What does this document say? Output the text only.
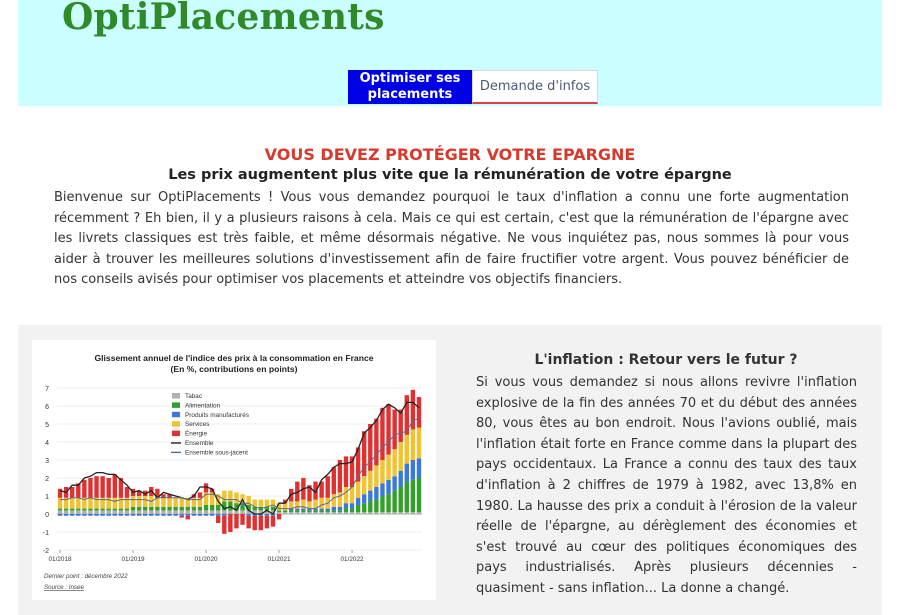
OptiPlacements
Optimiser ses placements
Demande d'infos
VOUS DEVEZ PROTÉGER VOTRE EPARGNE
Les prix augmentent plus vite que la rémunération de votre épargne

Bienvenue sur OptiPlacements ! Vous vous demandez pourquoi le taux d'inflation a connu une forte augmentation récemment ? Eh bien, il y a plusieurs raisons à cela. Mais ce qui est certain, c'est que la rémunération de l'épargne avec les livrets classiques est très faible, et même désormais négative. Ne vous inquiétez pas, nous sommes là pour vous aider à trouver les meilleures solutions d'investissement afin de faire fructifier votre argent. Vous pouvez bénéficier de nos conseils avisés pour optimiser vos placements et atteindre vos objectifs financiers.

Glissement annuel de l'indice des prix à la consommation en France
(En %, contributions en points)
7
6
5
4
3
2
1
0
-1
-2
01/2018	01/2019	01/2020	01/2021	01/2022
Tabac
Alimentation
Produits manufacturés
Services
Énergie
Ensemble
Ensemble sous-jacent
Dernier point : décembre 2022
Source : Insee
L'inflation : Retour vers le futur ?

Si vous vous demandez si nous allons revivre l'inflation explosive de la fin des années 70 et du début des années 80, vous êtes au bon endroit. Nous l'avions oublié, mais l'inflation était forte en France comme dans la plupart des pays occidentaux. La France a connu des taux des taux d'inflation à 2 chiffres de 1979 à 1982, avec 13,8% en 1980. La hausse des prix a conduit à l'érosion de la valeur réelle de l'épargne, au dérèglement des économies et s'est trouvé au cœur des politiques économiques des pays industrialisés. Après plusieurs décennies - quasiment - sans inflation... La donne a changé.
